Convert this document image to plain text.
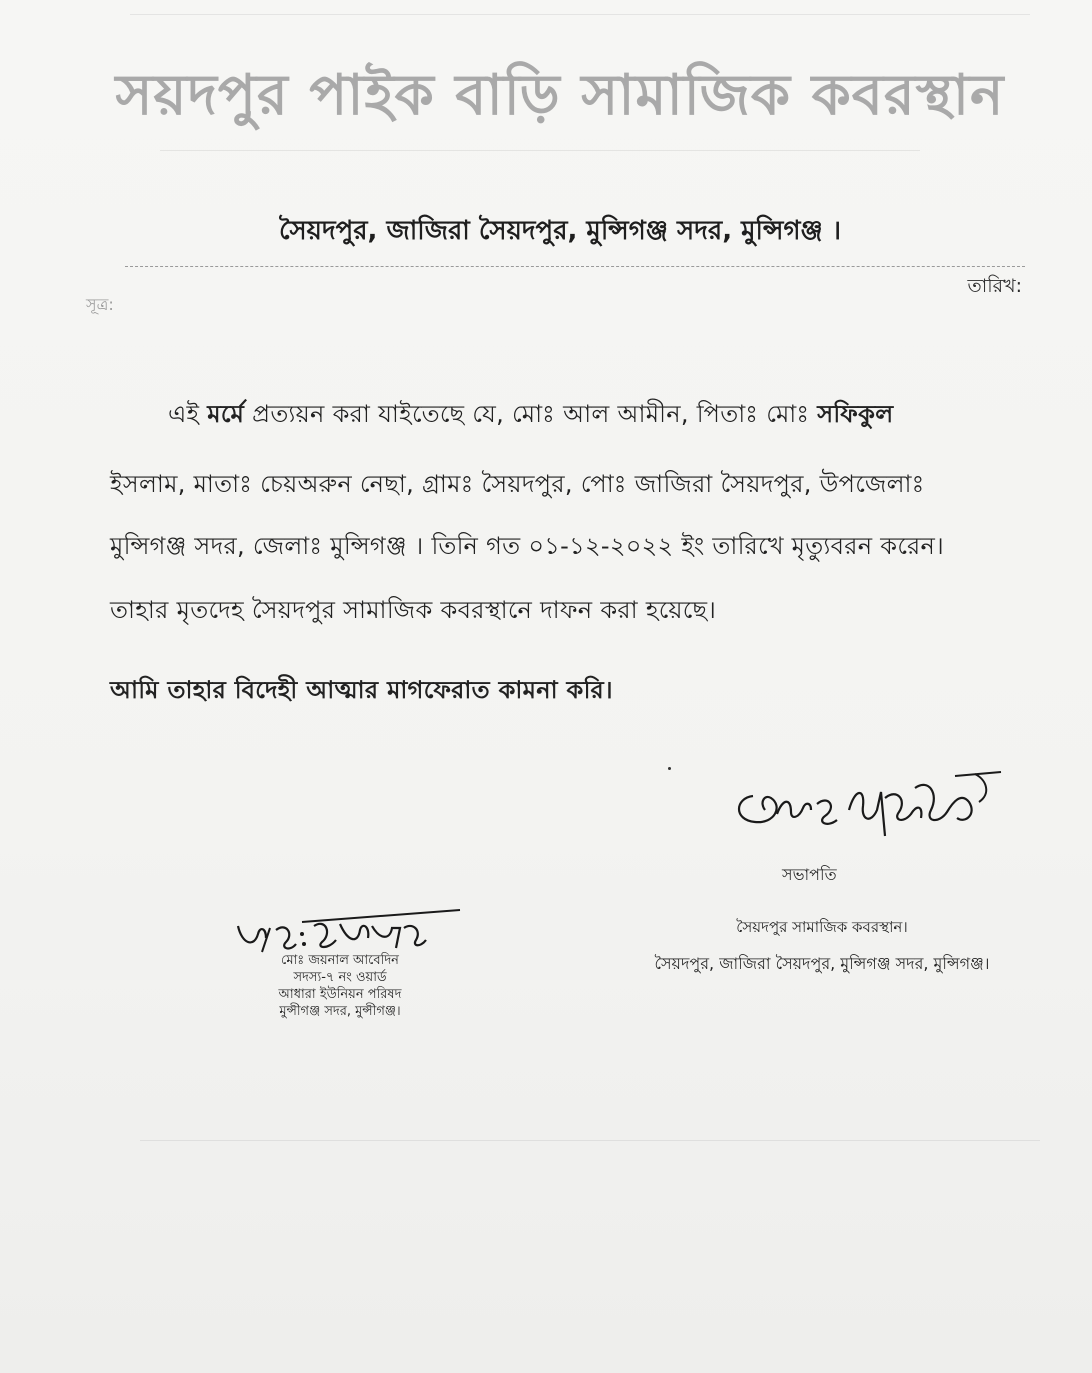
সয়দপুর পাইক বাড়ি সামাজিক কবরস্থান
সৈয়দপুর, জাজিরা সৈয়দপুর, মুন্সিগঞ্জ সদর, মুন্সিগঞ্জ ।
সূত্র:
তারিখ:
এই মর্মে প্রত্যয়ন করা যাইতেছে যে, মোঃ আল আমীন, পিতাঃ মোঃ সফিকুল
ইসলাম, মাতাঃ চেয়অরুন নেছা, গ্রামঃ সৈয়দপুর, পোঃ জাজিরা সৈয়দপুর, উপজেলাঃ
মুন্সিগঞ্জ সদর, জেলাঃ মুন্সিগঞ্জ । তিনি গত ০১-১২-২০২২ ইং তারিখে মৃত্যুবরন করেন।
তাহার মৃতদেহ সৈয়দপুর সামাজিক কবরস্থানে দাফন করা হয়েছে।
আমি তাহার বিদেহী আত্মার মাগফেরাত কামনা করি।
সভাপতি
সৈয়দপুর সামাজিক কবরস্থান।
সৈয়দপুর, জাজিরা সৈয়দপুর, মুন্সিগঞ্জ সদর, মুন্সিগঞ্জ।
মোঃ জয়নাল আবেদিন
সদস্য-৭ নং ওয়ার্ড
আধারা ইউনিয়ন পরিষদ
মুন্সীগঞ্জ সদর, মুন্সীগঞ্জ।
